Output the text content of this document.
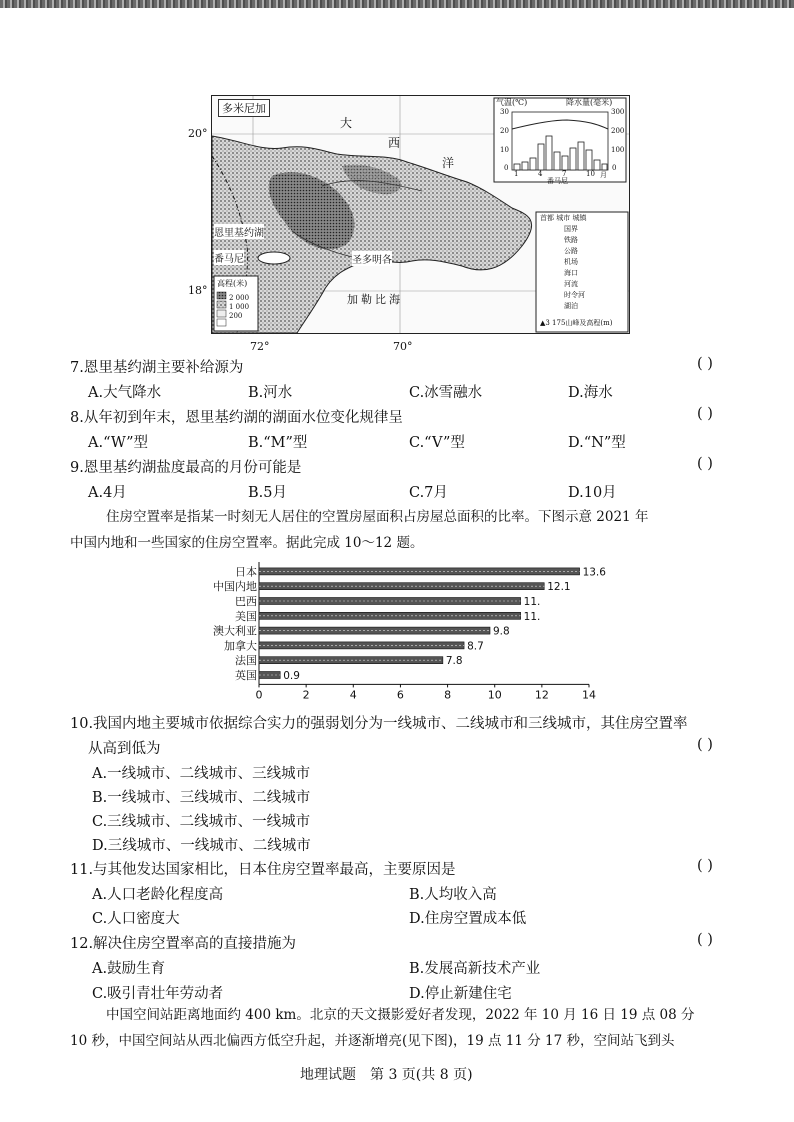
20°
18°
72°	70°
多米尼加
大
西
洋
恩里基约湖
番马尼	圣多明各
加勒比海
气温(℃)	降水量(毫米)
30
20
10
0
300
200
100
0
1	4	7	10 月
番马尼
首都 城市 城镇
国界
铁路
公路
机场
海口
河流
时令河
湖泊
▲3 175山峰及高程(m)
高程(米)
2 000
1 000
200
7.恩里基约湖主要补给源为	( )
A.大气降水	B.河水	C.冰雪融水	D.海水
8.从年初到年末，恩里基约湖的湖面水位变化规律呈	( )
A.“W”型	B.“M”型	C.“V”型	D.“N”型
9.恩里基约湖盐度最高的月份可能是	( )
A.4月	B.5月	C.7月	D.10月
住房空置率是指某一时刻无人居住的空置房屋面积占房屋总面积的比率。下图示意 2021 年
中国内地和一些国家的住房空置率。据此完成 10～12 题。
0	2	4	6	8	10	12	14
日本	13.6
中国内地	12.1
巴西	11.
美国	11.
澳大利亚	9.8
加拿大	8.7
法国	7.8
英国 0.9
10.我国内地主要城市依据综合实力的强弱划分为一线城市、二线城市和三线城市，其住房空置率
从高到低为	( )
A.一线城市、二线城市、三线城市
B.一线城市、三线城市、二线城市
C.三线城市、二线城市、一线城市
D.三线城市、一线城市、二线城市
11.与其他发达国家相比，日本住房空置率最高，主要原因是	( )
A.人口老龄化程度高	B.人均收入高
C.人口密度大	D.住房空置成本低
12.解决住房空置率高的直接措施为	( )
A.鼓励生育	B.发展高新技术产业
C.吸引青壮年劳动者	D.停止新建住宅
中国空间站距离地面约 400 km。北京的天文摄影爱好者发现，2022 年 10 月 16 日 19 点 08 分
10 秒，中国空间站从西北偏西方低空升起，并逐渐增亮(见下图)，19 点 11 分 17 秒，空间站飞到头
地理试题　第 3 页(共 8 页)
